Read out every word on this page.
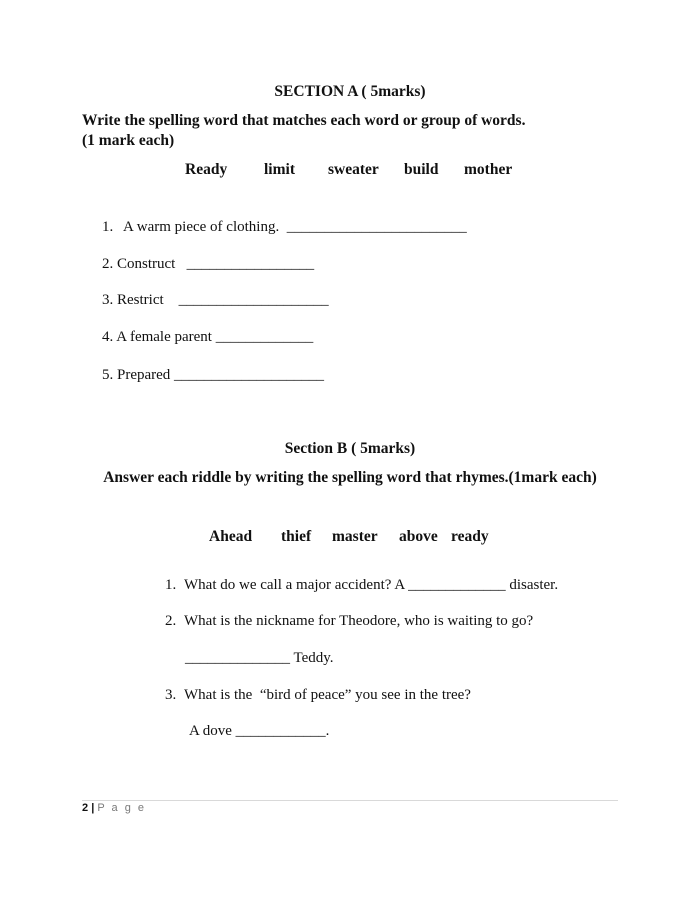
SECTION A ( 5marks)
Write the spelling word that matches each word or group of words.
(1 mark each)
Ready limit sweater build mother
1. A warm piece of clothing.  ________________________
2. Construct   _________________
3. Restrict    ____________________
4. A female parent _____________
5. Prepared ____________________
Section B ( 5marks)
Answer each riddle by writing the spelling word that rhymes.(1mark each)
Ahead thief master above ready
1. What do we call a major accident? A _____________ disaster.
2. What is the nickname for Theodore, who is waiting to go?
______________ Teddy.
3. What is the  “bird of peace” you see in the tree?
A dove ____________.
2 | P a g e
